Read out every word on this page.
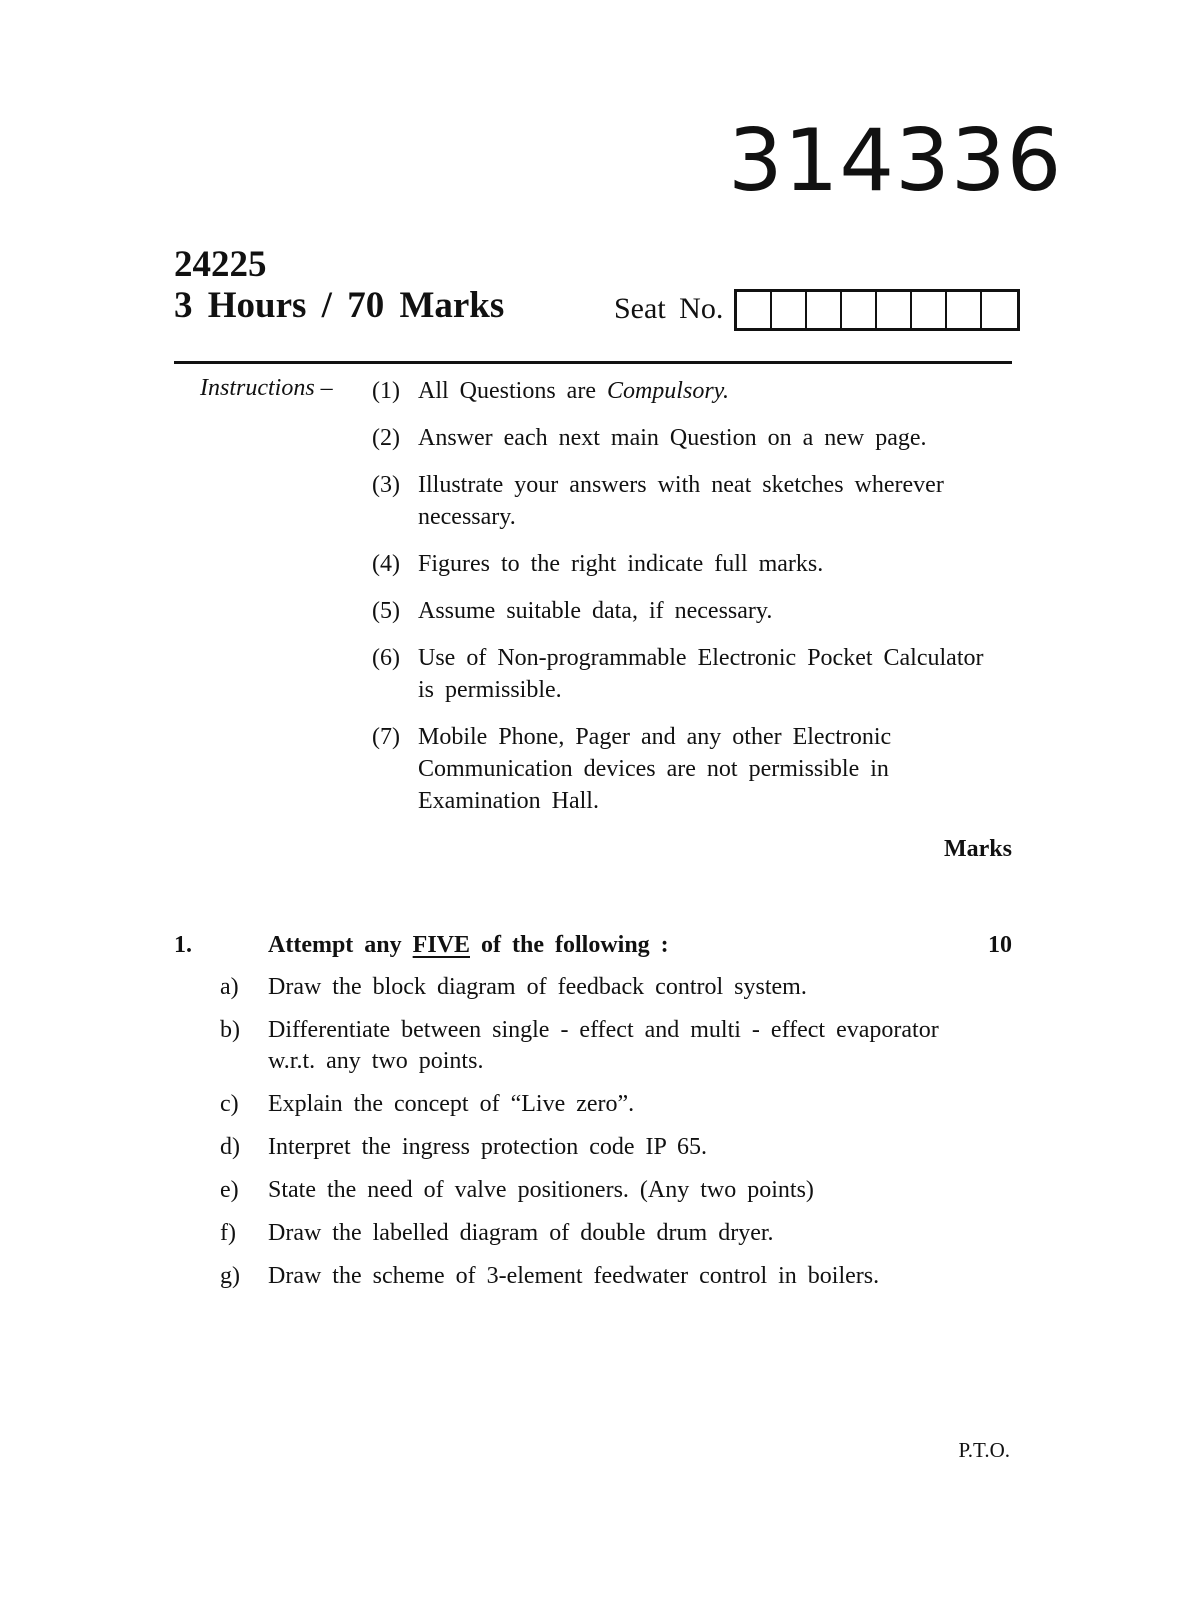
314336
24225
3 Hours / 70 Marks	Seat No.
Instructions – (1) All Questions are Compulsory.
(2) Answer each next main Question on a new page.
(3) Illustrate your answers with neat sketches wherever necessary.
(4) Figures to the right indicate full marks.
(5) Assume suitable data, if necessary.
(6) Use of Non-programmable Electronic Pocket Calculator is permissible.
(7) Mobile Phone, Pager and any other Electronic Communication devices are not permissible in Examination Hall.
Marks
1.	Attempt any FIVE of the following :	10
a)	Draw the block diagram of feedback control system.
b)	Differentiate between single - effect and multi - effect evaporator w.r.t. any two points.
c)	Explain the concept of “Live zero”.
d)	Interpret the ingress protection code IP 65.
e)	State the need of valve positioners. (Any two points)
f)	Draw the labelled diagram of double drum dryer.
g)	Draw the scheme of 3-element feedwater control in boilers.
P.T.O.
